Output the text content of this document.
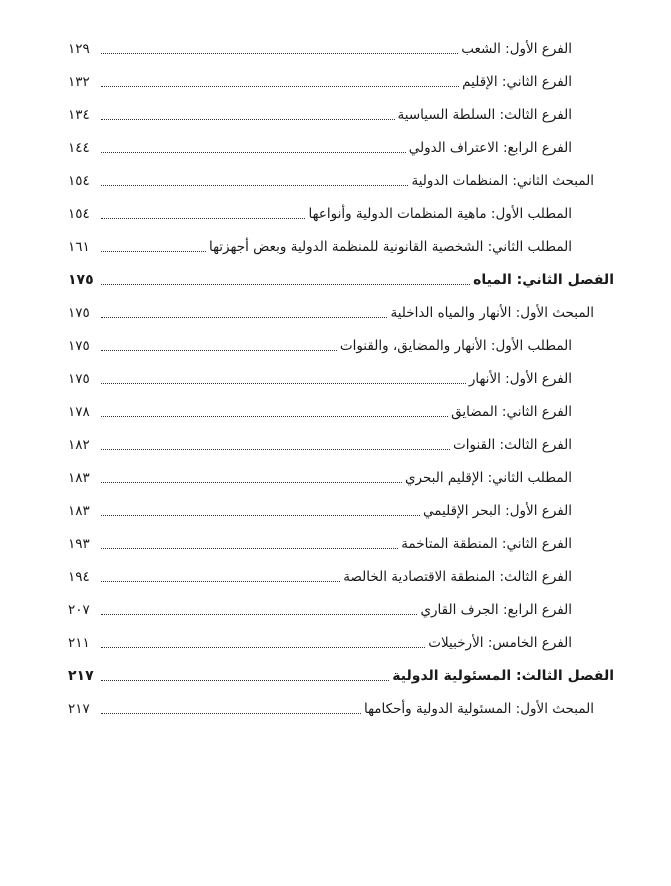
الفرع الأول: الشعب
١٢٩
الفرع الثاني: الإقليم
١٣٢
الفرع الثالث: السلطة السياسية
١٣٤
الفرع الرابع: الاعتراف الدولي
١٤٤
المبحث الثاني: المنظمات الدولية
١٥٤
المطلب الأول: ماهية المنظمات الدولية وأنواعها
١٥٤
المطلب الثاني: الشخصية القانونية للمنظمة الدولية وبعض أجهزتها
١٦١
الفصل الثاني: المياه
١٧٥
المبحث الأول: الأنهار والمياه الداخلية
١٧٥
المطلب الأول: الأنهار والمضايق، والقنوات
١٧٥
الفرع الأول: الأنهار
١٧٥
الفرع الثاني: المضايق
١٧٨
الفرع الثالث: القنوات
١٨٢
المطلب الثاني: الإقليم البحري
١٨٣
الفرع الأول: البحر الإقليمي
١٨٣
الفرع الثاني: المنطقة المتاخمة
١٩٣
الفرع الثالث: المنطقة الاقتصادية الخالصة
١٩٤
الفرع الرابع: الجرف القاري
٢٠٧
الفرع الخامس: الأرخبيلات
٢١١
الفصل الثالث: المسئولية الدولية
٢١٧
المبحث الأول: المسئولية الدولية وأحكامها
٢١٧
